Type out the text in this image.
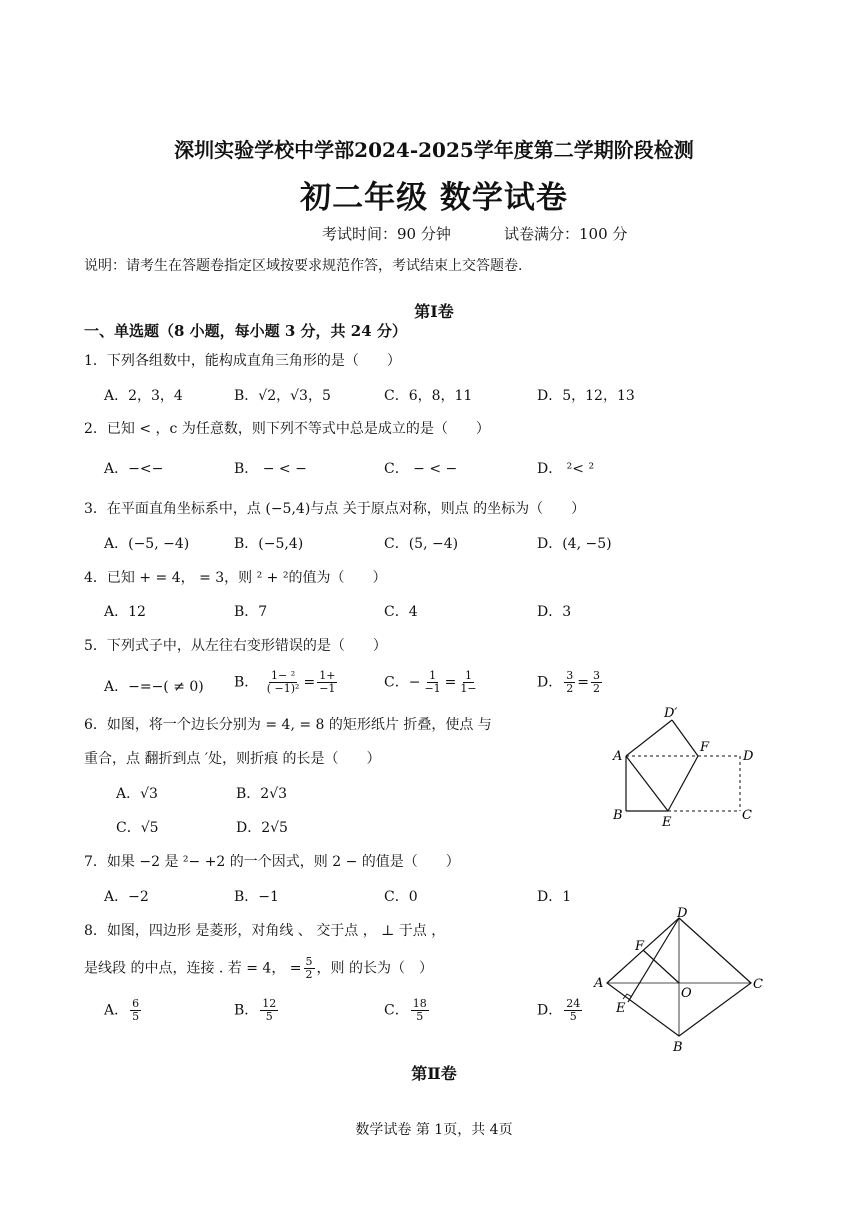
深圳实验学校中学部2024-2025学年度第二学期阶段检测
初二年级 数学试卷
考试时间：90 分钟	试卷满分：100 分
说明：请考生在答题卷指定区域按要求规范作答，考试结束上交答题卷.
第Ⅰ卷
一、单选题（8 小题，每小题 3 分，共 24 分）
1．下列各组数中，能构成直角三角形的是（　　）
A．2，3，4	B．√2，√3，5	C．6，8，11	D．5，12，13
2．已知 < ，c 为任意数，则下列不等式中总是成立的是（　　）
A．−<−	B． − < −	C． − < −	D． ²< ²
3．在平面直角坐标系中，点 (−5,4)与点 关于原点对称，则点 的坐标为（　　）
A．(−5, −4)	B．(−5,4)	C．(5, −4)	D．(4, −5)
4．已知 + = 4， = 3，则 ² + ²的值为（　　）
A．12	B．7	C．4	D．3
5．下列式子中，从左往右变形错误的是（　　）
A．−=−( ≠ 0) B． $\frac{\text{1− ²}}{\text{( −1)²}} = \frac{1+}{-1}$	C．− $\frac{1}{-1} = \frac{1}{1-}$	D． $\frac{3}{2} = \frac{3}{2}$
6．如图，将一个边长分别为 = 4, = 8 的矩形纸片 折叠，使点 与
重合，点 翻折到点 ′处，则折痕 的长是（　　）
A．√3	B．2√3
C．√5	D．2√5
A
B	C
D
E
F
D′
7．如果 −2 是 ²− +2 的一个因式，则 2 − 的值是（　　）
A．−2	B．−1	C．0	D．1
8．如图，四边形 是菱形，对角线 、 交于点 ， ⊥ 于点 ，
是线段 的中点，连接 . 若 = 4， = $\frac{5}{2}$ ，则 的长为（　）
A． $\frac{6}{5}$	B． $\frac{12}{5}$	C． $\frac{18}{5}$	D． $\frac{24}{5}$
A
B
C
D
E
F
O
第Ⅱ卷
数学试卷 第 1页，共 4页
